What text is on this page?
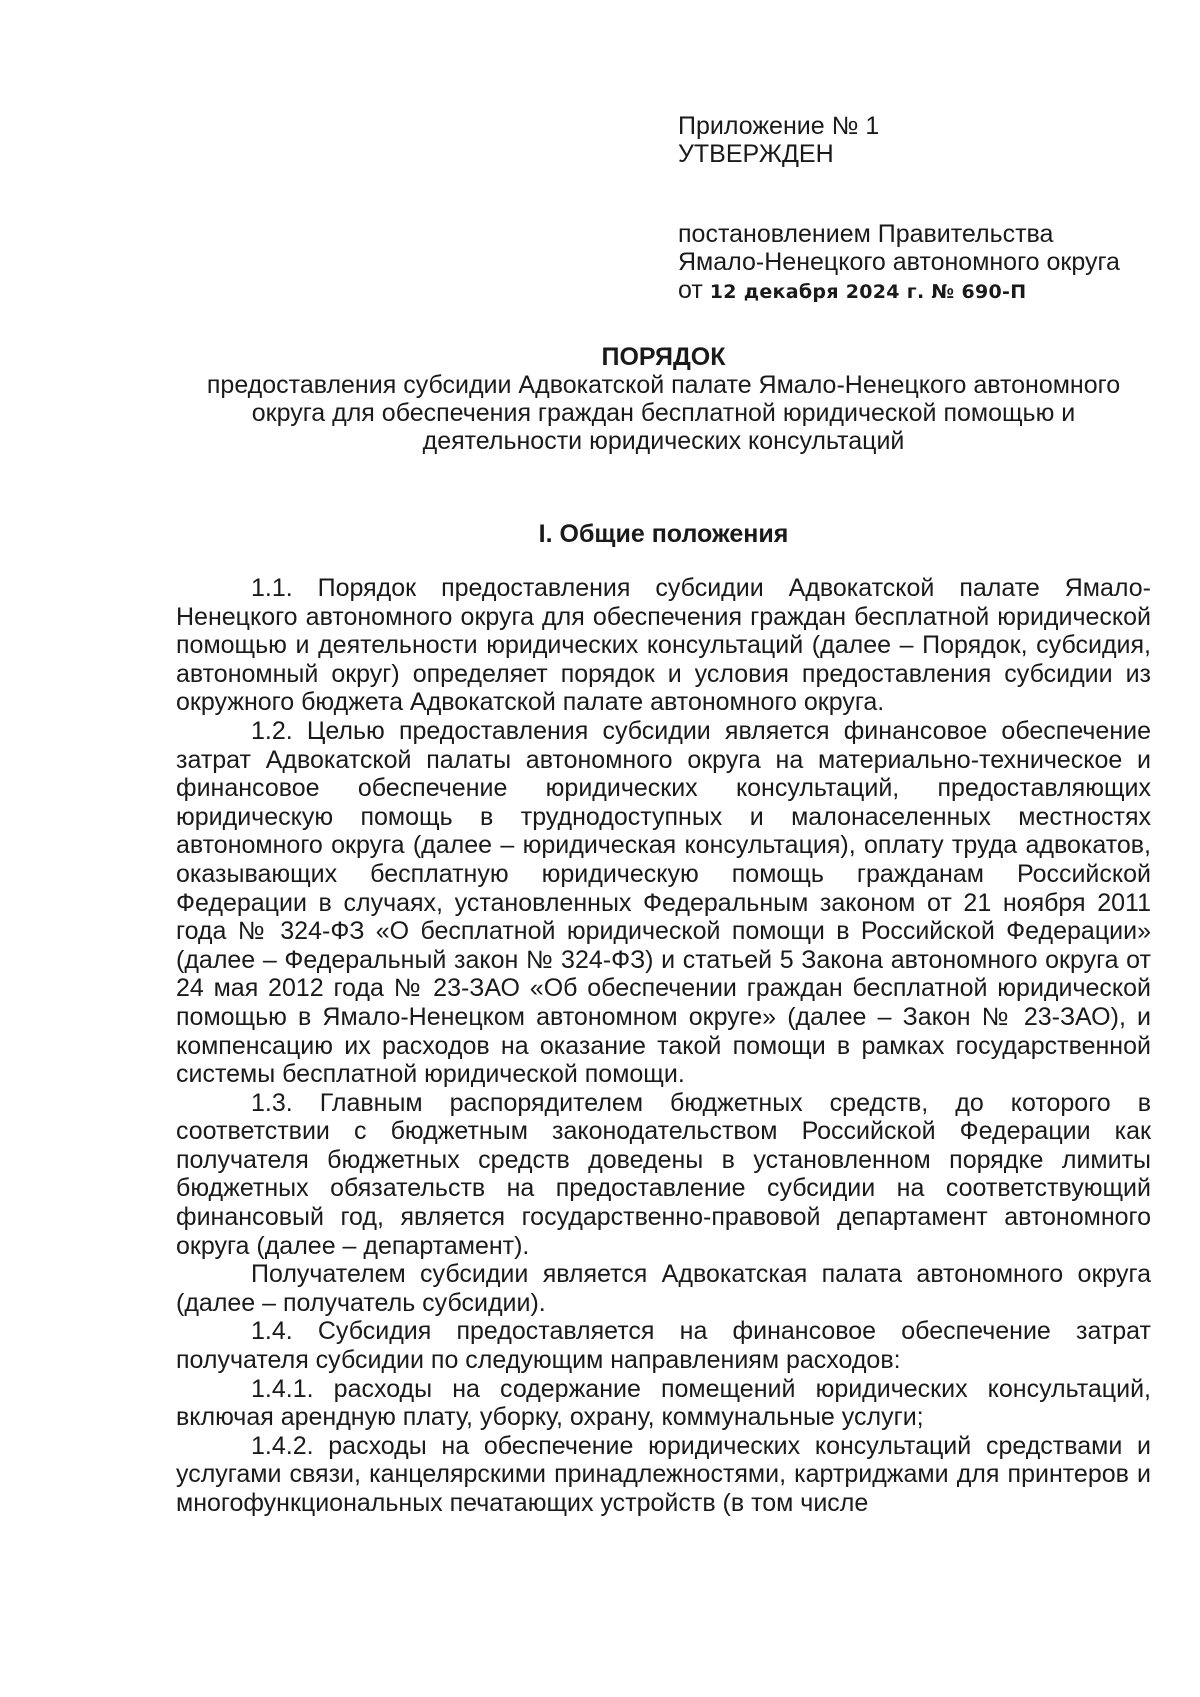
Приложение № 1
УТВЕРЖДЕН
постановлением Правительства
Ямало-Ненецкого автономного округа
от 12 декабря 2024 г. № 690-П
ПОРЯДОК
предоставления субсидии Адвокатской палате Ямало-Ненецкого автономного округа для обеспечения граждан бесплатной юридической помощью и деятельности юридических консультаций
I. Общие положения

1.1. Порядок предоставления субсидии Адвокатской палате Ямало-Ненецкого автономного округа для обеспечения граждан бесплатной юридической помощью и деятельности юридических консультаций (далее – Порядок, субсидия, автономный округ) определяет порядок и условия предоставления субсидии из окружного бюджета Адвокатской палате автономного округа.

1.2. Целью предоставления субсидии является финансовое обеспечение затрат Адвокатской палаты автономного округа на материально-техническое и финансовое обеспечение юридических консультаций, предоставляющих юридическую помощь в труднодоступных и малонаселенных местностях автономного округа (далее – юридическая консультация), оплату труда адвокатов, оказывающих бесплатную юридическую помощь гражданам Российской Федерации в случаях, установленных Федеральным законом от 21 ноября 2011 года № 324-ФЗ «О бесплатной юридической помощи в Российской Федерации» (далее – Федеральный закон № 324-ФЗ) и статьей 5 Закона автономного округа от 24 мая 2012 года № 23-ЗАО «Об обеспечении граждан бесплатной юридической помощью в Ямало-Ненецком автономном округе» (далее – Закон № 23-ЗАО), и компенсацию их расходов на оказание такой помощи в рамках государственной системы бесплатной юридической помощи.

1.3. Главным распорядителем бюджетных средств, до которого в соответствии с бюджетным законодательством Российской Федерации как получателя бюджетных средств доведены в установленном порядке лимиты бюджетных обязательств на предоставление субсидии на соответствующий финансовый год, является государственно-правовой департамент автономного округа (далее – департамент).

Получателем субсидии является Адвокатская палата автономного округа (далее – получатель субсидии).

1.4. Субсидия предоставляется на финансовое обеспечение затрат получателя субсидии по следующим направлениям расходов:

1.4.1. расходы на содержание помещений юридических консультаций, включая арендную плату, уборку, охрану, коммунальные услуги;

1.4.2. расходы на обеспечение юридических консультаций средствами и услугами связи, канцелярскими принадлежностями, картриджами для принтеров и многофункциональных печатающих устройств (в том числе
